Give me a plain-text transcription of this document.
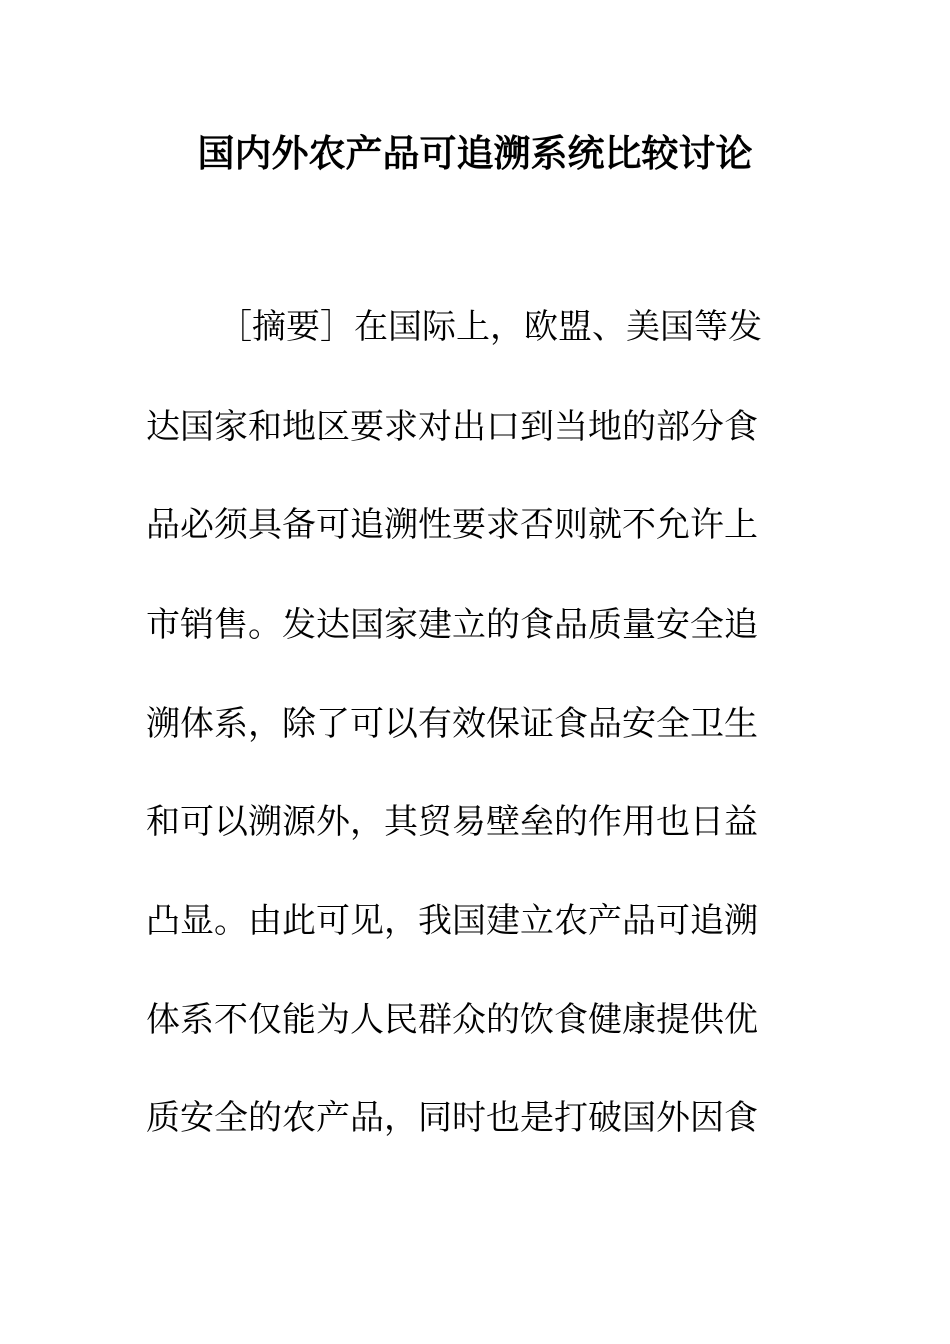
国内外农产品可追溯系统比较讨论
［摘要］在国际上，欧盟、美国等发
达国家和地区要求对出口到当地的部分食
品必须具备可追溯性要求否则就不允许上
市销售。发达国家建立的食品质量安全追
溯体系，除了可以有效保证食品安全卫生
和可以溯源外，其贸易壁垒的作用也日益
凸显。由此可见，我国建立农产品可追溯
体系不仅能为人民群众的饮食健康提供优
质安全的农产品，同时也是打破国外因食
